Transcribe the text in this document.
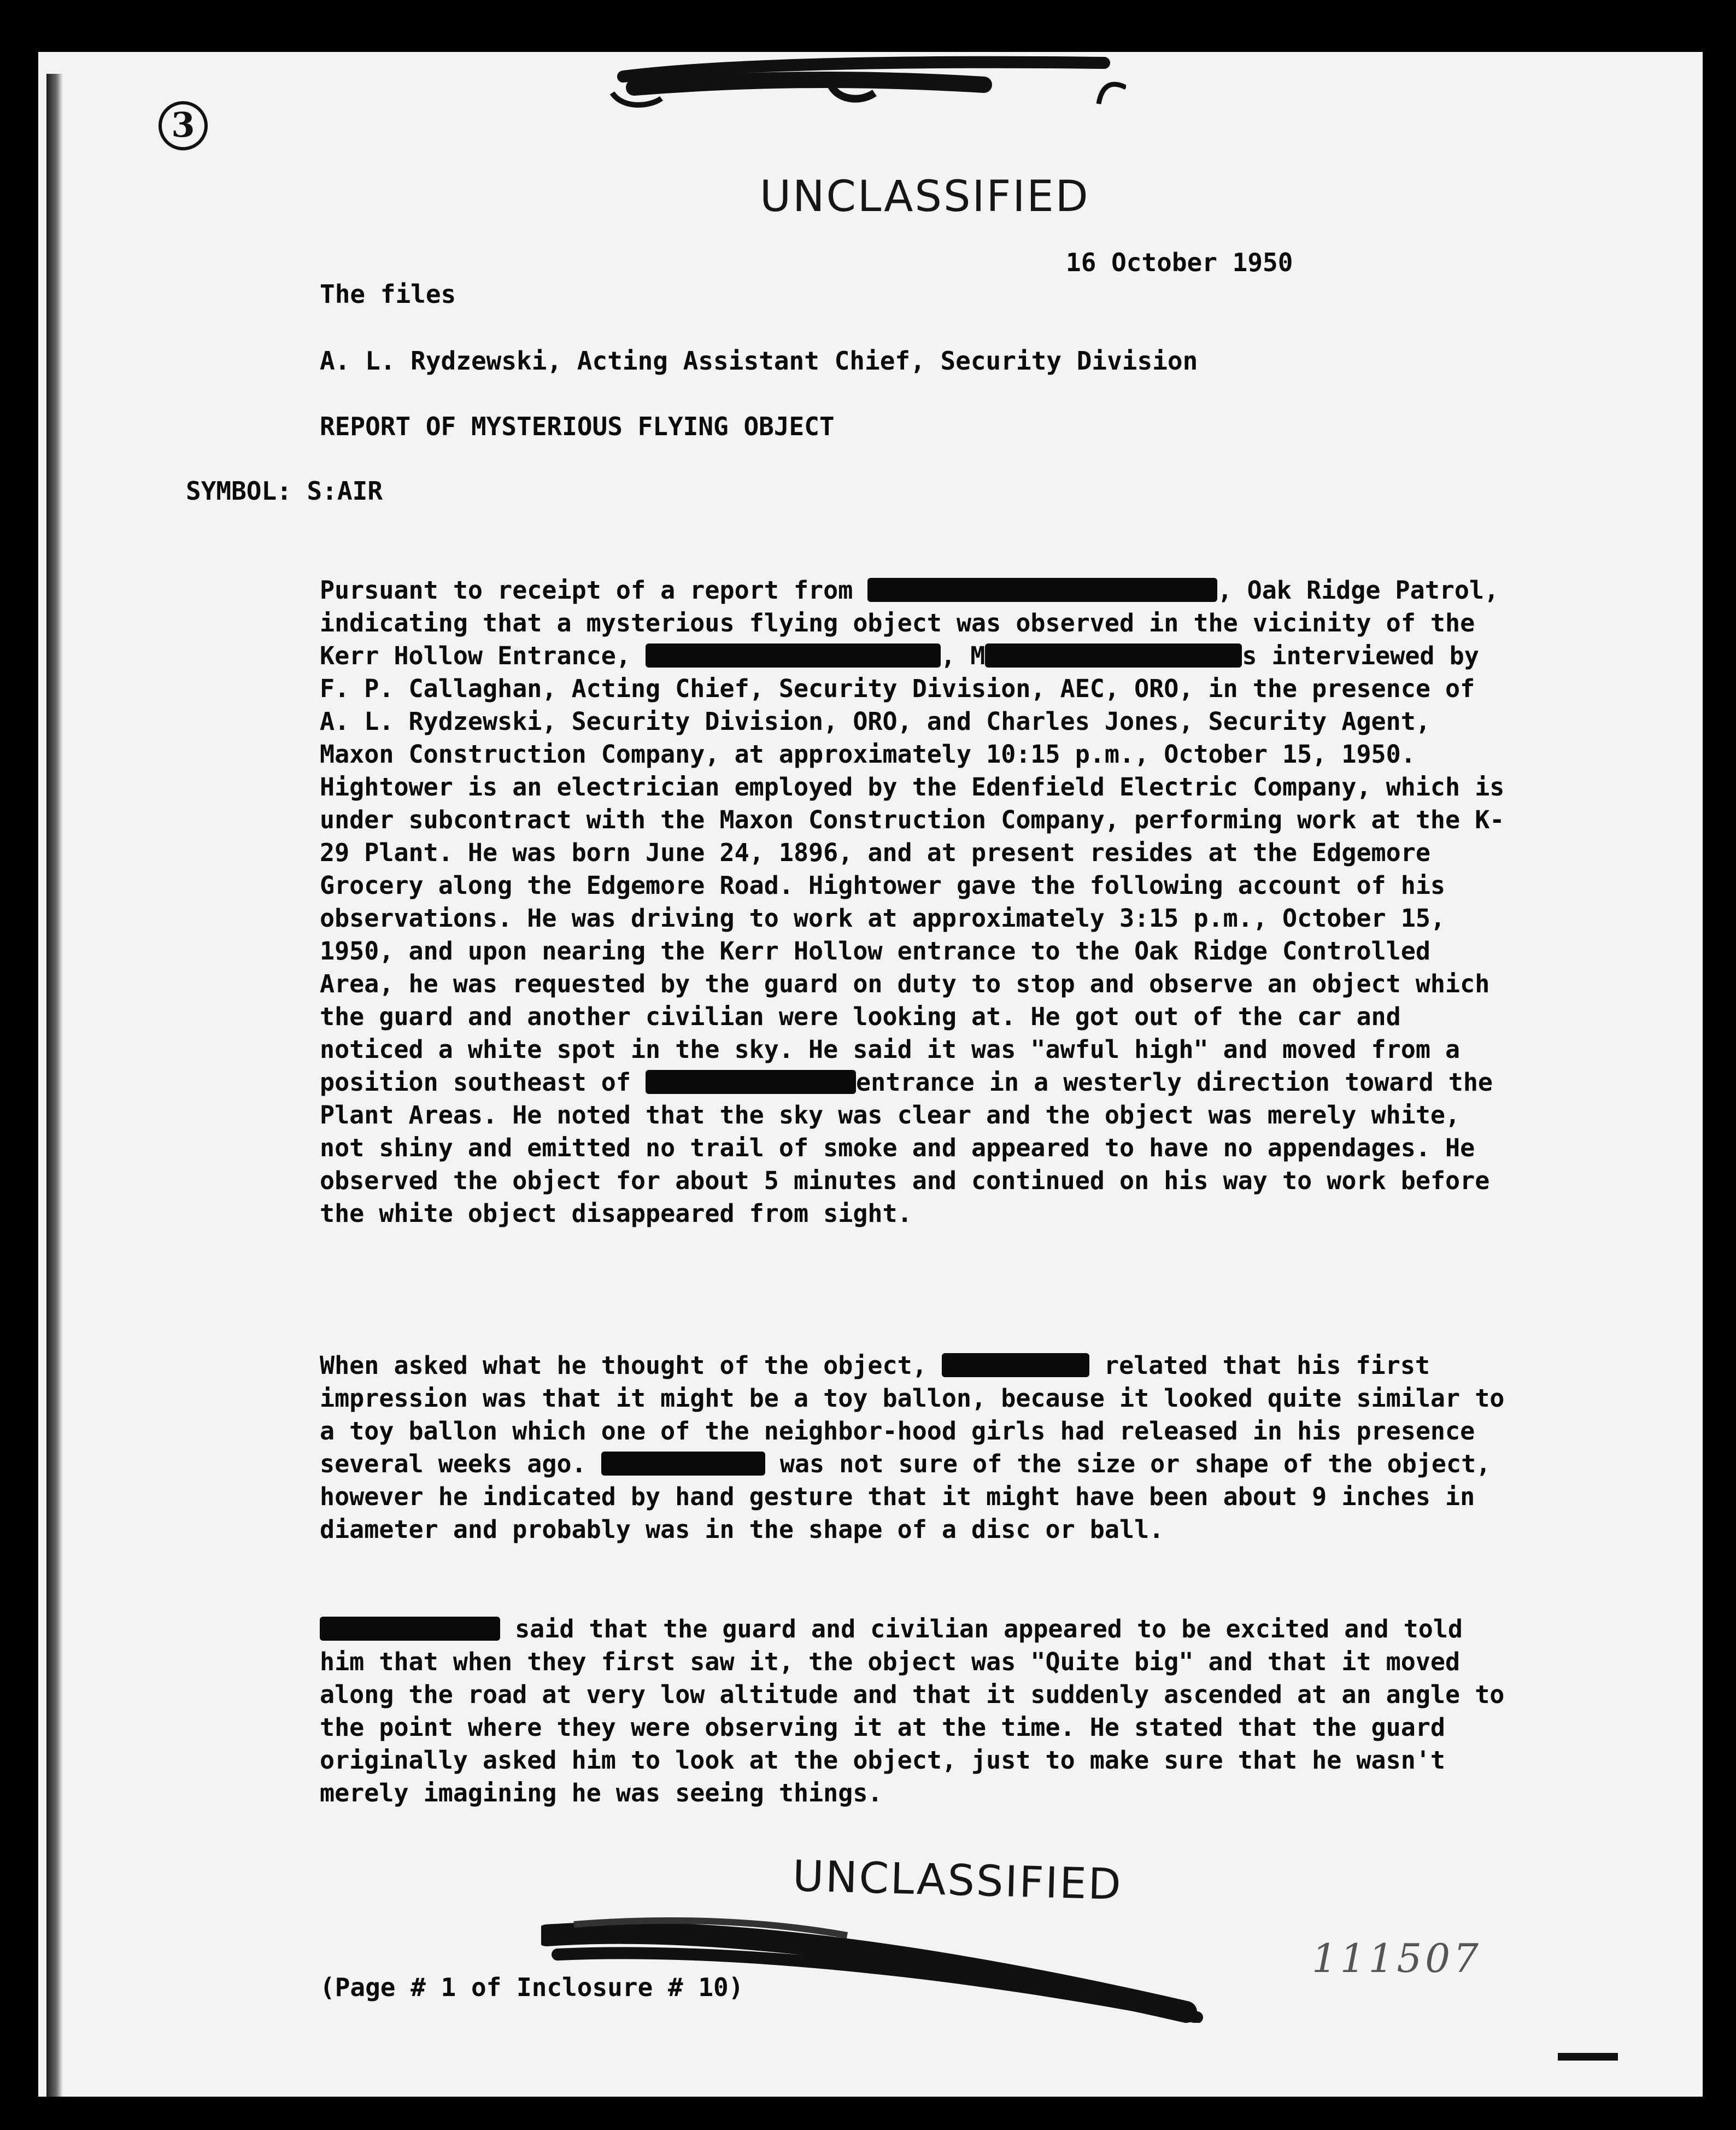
3
UNCLASSIFIED
16 October 1950
The files
A. L. Rydzewski, Acting Assistant Chief, Security Division
REPORT OF MYSTERIOUS FLYING OBJECT
SYMBOL: S:AIR

Pursuant to receipt of a report from	, Oak Ridge Patrol, indicating that a mysterious flying object was observed in the vicinity of the Kerr Hollow Entrance,	, M	s interviewed by F. P. Callaghan, Acting Chief, Security Division, AEC, ORO, in the presence of A. L. Rydzewski, Security Division, ORO, and Charles Jones, Security Agent, Maxon Construction Company, at approximately 10:15 p.m., October 15, 1950. Hightower is an electrician employed by the Edenfield Electric Company, which is under subcontract with the Maxon Construction Company, performing work at the K-29 Plant. He was born June 24, 1896, and at present resides at the Edgemore Grocery along the Edgemore Road. Hightower gave the following account of his observations. He was driving to work at approximately 3:15 p.m., October 15, 1950, and upon nearing the Kerr Hollow entrance to the Oak Ridge Controlled Area, he was requested by the guard on duty to stop and observe an object which the guard and another civilian were looking at. He got out of the car and noticed a white spot in the sky. He said it was "awful high" and moved from a position southeast of	entrance in a westerly direction toward the Plant Areas. He noted that the sky was clear and the object was merely white, not shiny and emitted no trail of smoke and appeared to have no appendages. He observed the object for about 5 minutes and continued on his way to work before the white object disappeared from sight.

When asked what he thought of the object,	related that his first impression was that it might be a toy ballon, because it looked quite similar to a toy ballon which one of the neighbor-hood girls had released in his presence several weeks ago.	was not sure of the size or shape of the object, however he indicated by hand gesture that it might have been about 9 inches in diameter and probably was in the shape of a disc or ball.

said that the guard and civilian appeared to be excited and told him that when they first saw it, the object was "Quite big" and that it moved along the road at very low altitude and that it suddenly ascended at an angle to the point where they were observing it at the time. He stated that the guard originally asked him to look at the object, just to make sure that he wasn't merely imagining he was seeing things.

UNCLASSIFIED
(Page # 1 of Inclosure # 10)
111507
